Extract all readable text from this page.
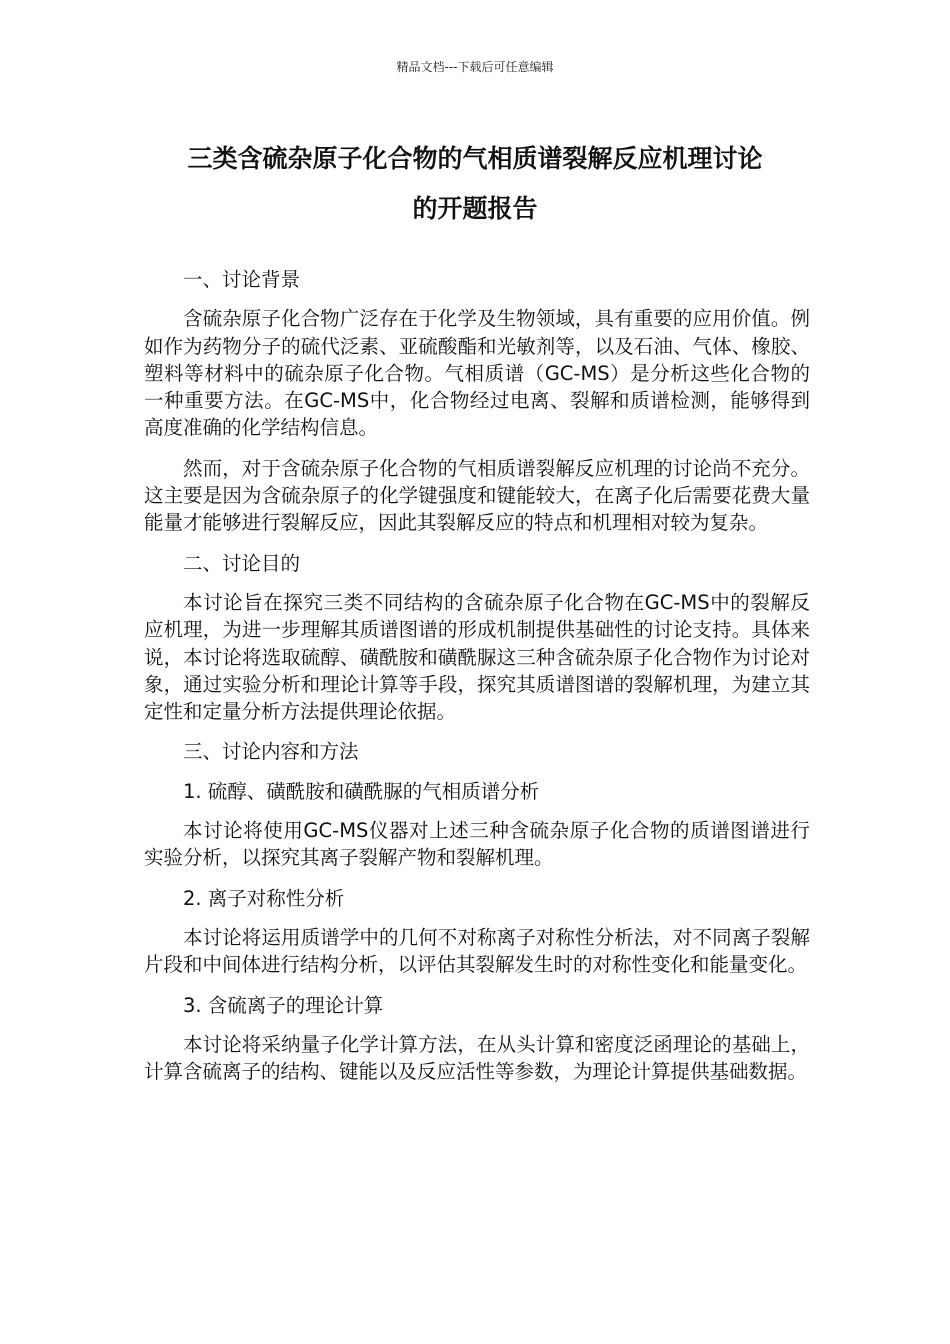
精品文档---下载后可任意编辑
三类含硫杂原子化合物的气相质谱裂解反应机理讨论
的开题报告
一、讨论背景

含硫杂原子化合物广泛存在于化学及生物领域，具有重要的应用价值。例如作为药物分子的硫代泛素、亚硫酸酯和光敏剂等，以及石油、气体、橡胶、塑料等材料中的硫杂原子化合物。气相质谱（GC-MS）是分析这些化合物的一种重要方法。在GC-MS中，化合物经过电离、裂解和质谱检测，能够得到高度准确的化学结构信息。

然而，对于含硫杂原子化合物的气相质谱裂解反应机理的讨论尚不充分。这主要是因为含硫杂原子的化学键强度和键能较大，在离子化后需要花费大量能量才能够进行裂解反应，因此其裂解反应的特点和机理相对较为复杂。

二、讨论目的

本讨论旨在探究三类不同结构的含硫杂原子化合物在GC-MS中的裂解反应机理，为进一步理解其质谱图谱的形成机制提供基础性的讨论支持。具体来说，本讨论将选取硫醇、磺酰胺和磺酰脲这三种含硫杂原子化合物作为讨论对象，通过实验分析和理论计算等手段，探究其质谱图谱的裂解机理，为建立其定性和定量分析方法提供理论依据。

三、讨论内容和方法
1. 硫醇、磺酰胺和磺酰脲的气相质谱分析

本讨论将使用GC-MS仪器对上述三种含硫杂原子化合物的质谱图谱进行实验分析，以探究其离子裂解产物和裂解机理。

2. 离子对称性分析

本讨论将运用质谱学中的几何不对称离子对称性分析法，对不同离子裂解片段和中间体进行结构分析，以评估其裂解发生时的对称性变化和能量变化。

3. 含硫离子的理论计算

本讨论将采纳量子化学计算方法，在从头计算和密度泛函理论的基础上，计算含硫离子的结构、键能以及反应活性等参数，为理论计算提供基础数据。
